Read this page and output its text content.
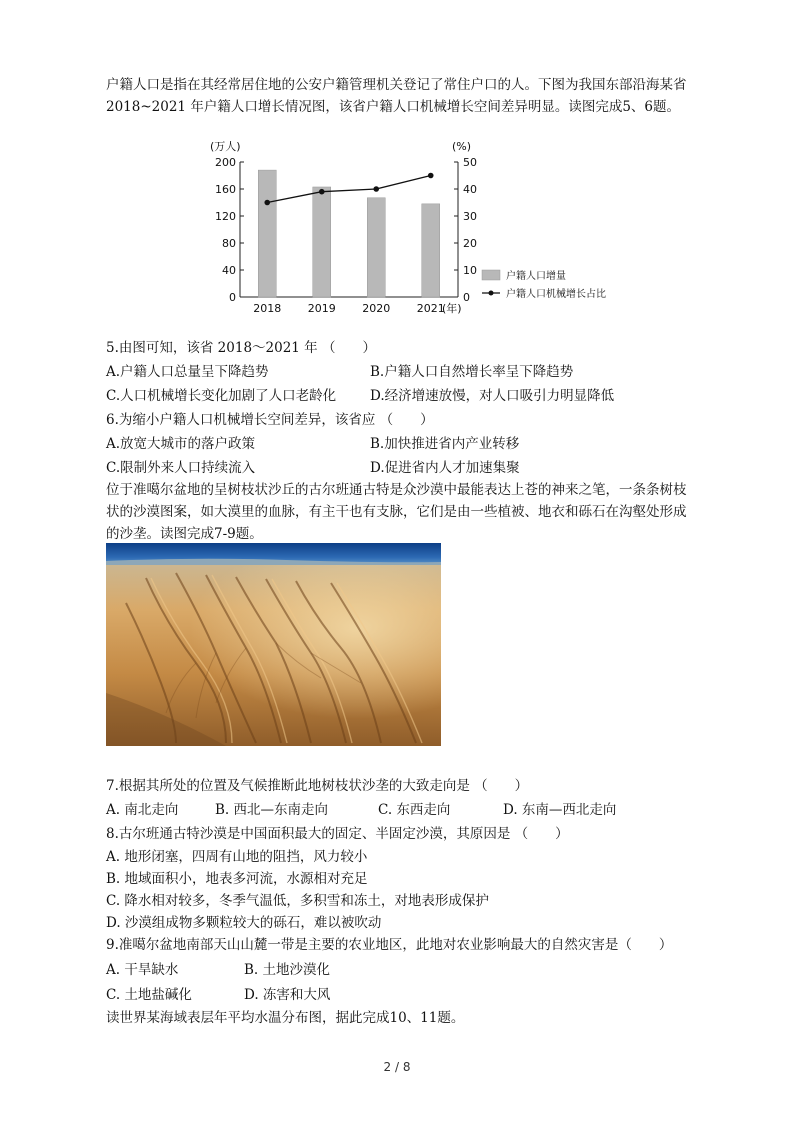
户籍人口是指在其经常居住地的公安户籍管理机关登记了常住户口的人。下图为我国东部沿海某省 2018~2021 年户籍人口增长情况图，该省户籍人口机械增长空间差异明显。读图完成5、6题。

0
40
80
120
160
200
0
10
20
30
40
50
(万人)	(%)
2018 2019 2020 2021
(年)
户籍人口增量
户籍人口机械增长占比
5.由图可知，该省 2018～2021 年 （　　）
A.户籍人口总量呈下降趋势	B.户籍人口自然增长率呈下降趋势
C.人口机械增长变化加剧了人口老龄化	D.经济增速放慢，对人口吸引力明显降低
6.为缩小户籍人口机械增长空间差异，该省应 （　　）
A.放宽大城市的落户政策	B.加快推进省内产业转移
C.限制外来人口持续流入	D.促进省内人才加速集聚

位于准噶尔盆地的呈树枝状沙丘的古尔班通古特是众沙漠中最能表达上苍的神来之笔，一条条树枝状的沙漠图案，如大漠里的血脉，有主干也有支脉，它们是由一些植被、地衣和砾石在沟壑处形成的沙垄。读图完成7-9题。

7.根据其所处的位置及气候推断此地树枝状沙垄的大致走向是 （　　）
A. 南北走向	B. 西北—东南走向	C. 东西走向	D. 东南—西北走向
8.古尔班通古特沙漠是中国面积最大的固定、半固定沙漠，其原因是 （　　）
A. 地形闭塞，四周有山地的阻挡，风力较小
B. 地域面积小，地表多河流，水源相对充足
C. 降水相对较多，冬季气温低，多积雪和冻土，对地表形成保护
D. 沙漠组成物多颗粒较大的砾石，难以被吹动
9.准噶尔盆地南部天山山麓一带是主要的农业地区，此地对农业影响最大的自然灾害是（　　）
A. 干旱缺水	B. 土地沙漠化
C. 土地盐碱化	D. 冻害和大风
读世界某海域表层年平均水温分布图，据此完成10、11题。
2 / 8
